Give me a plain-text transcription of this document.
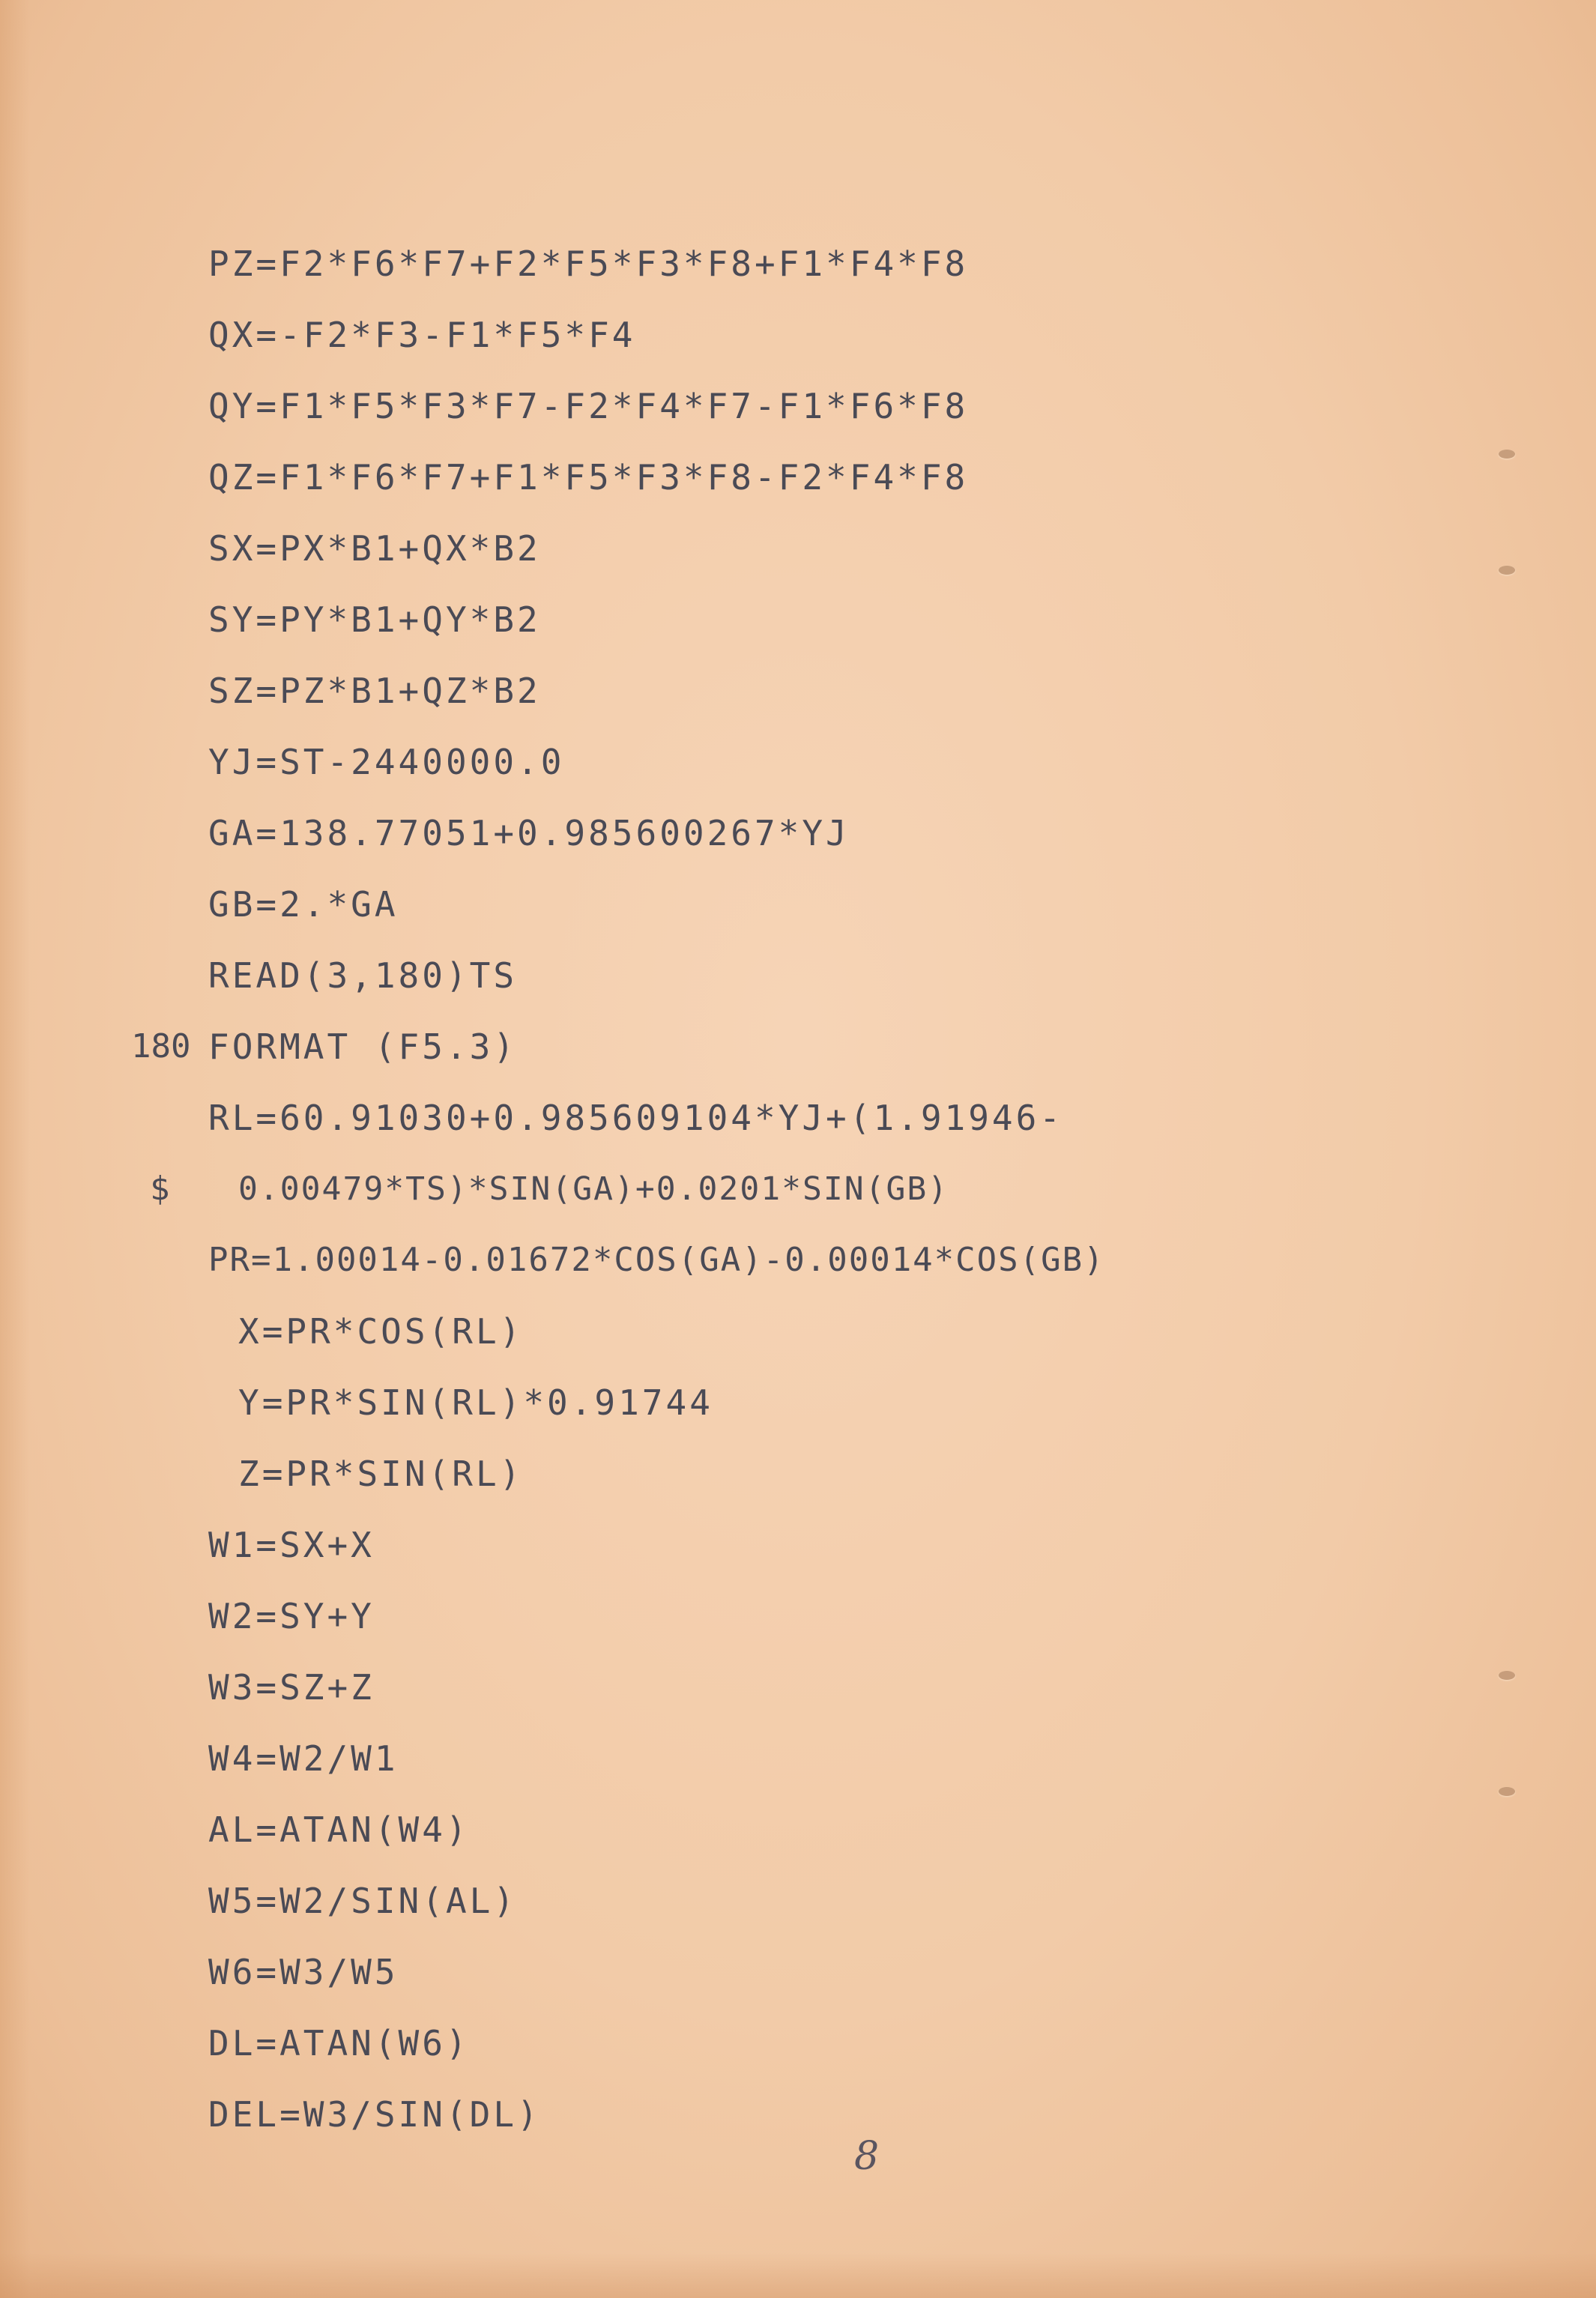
PZ=F2*F6*F7+F2*F5*F3*F8+F1*F4*F8
QX=-F2*F3-F1*F5*F4
QY=F1*F5*F3*F7-F2*F4*F7-F1*F6*F8
QZ=F1*F6*F7+F1*F5*F3*F8-F2*F4*F8
SX=PX*B1+QX*B2
SY=PY*B1+QY*B2
SZ=PZ*B1+QZ*B2
YJ=ST-2440000.0
GA=138.77051+0.985600267*YJ
GB=2.*GA
READ(3,180)TS
180 FORMAT (F5.3)
RL=60.91030+0.985609104*YJ+(1.91946-
$ 0.00479*TS)*SIN(GA)+0.0201*SIN(GB)
PR=1.00014-0.01672*COS(GA)-0.00014*COS(GB)
X=PR*COS(RL)
Y=PR*SIN(RL)*0.91744
Z=PR*SIN(RL)
W1=SX+X
W2=SY+Y
W3=SZ+Z
W4=W2/W1
AL=ATAN(W4)
W5=W2/SIN(AL)
W6=W3/W5
DL=ATAN(W6)
DEL=W3/SIN(DL)
8
